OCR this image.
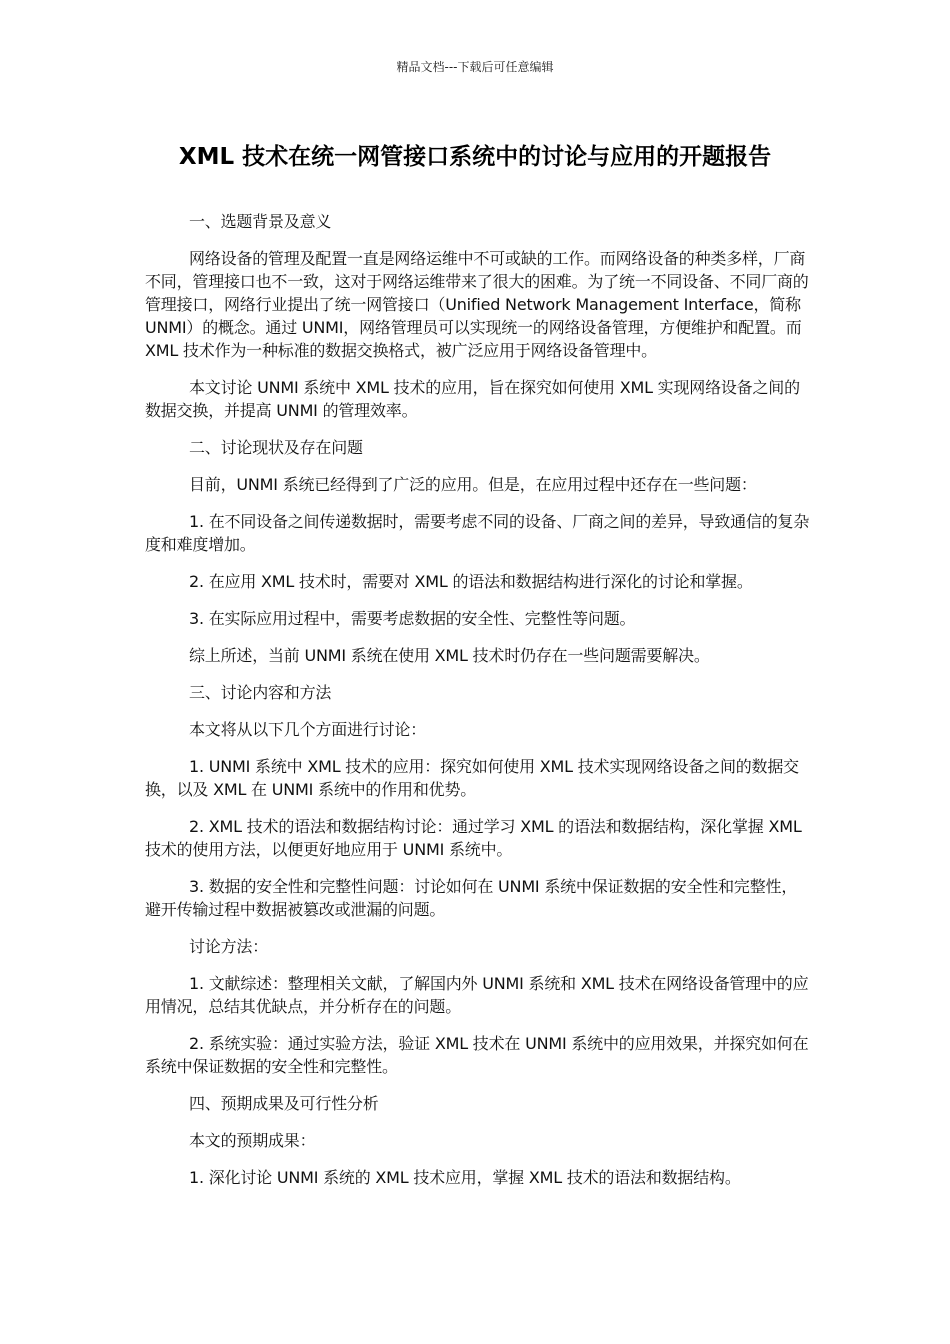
精品文档---下载后可任意编辑
XML 技术在统一网管接口系统中的讨论与应用的开题报告

一、选题背景及意义

网络设备的管理及配置一直是网络运维中不可或缺的工作。而网络设备的种类多样，厂商不同，管理接口也不一致，这对于网络运维带来了很大的困难。为了统一不同设备、不同厂商的管理接口，网络行业提出了统一网管接口（Unified Network Management Interface，简称 UNMI）的概念。通过 UNMI，网络管理员可以实现统一的网络设备管理，方便维护和配置。而 XML 技术作为一种标准的数据交换格式，被广泛应用于网络设备管理中。

本文讨论 UNMI 系统中 XML 技术的应用，旨在探究如何使用 XML 实现网络设备之间的数据交换，并提高 UNMI 的管理效率。

二、讨论现状及存在问题

目前，UNMI 系统已经得到了广泛的应用。但是，在应用过程中还存在一些问题：

1. 在不同设备之间传递数据时，需要考虑不同的设备、厂商之间的差异，导致通信的复杂度和难度增加。

2. 在应用 XML 技术时，需要对 XML 的语法和数据结构进行深化的讨论和掌握。

3. 在实际应用过程中，需要考虑数据的安全性、完整性等问题。

综上所述，当前 UNMI 系统在使用 XML 技术时仍存在一些问题需要解决。

三、讨论内容和方法

本文将从以下几个方面进行讨论：

1. UNMI 系统中 XML 技术的应用：探究如何使用 XML 技术实现网络设备之间的数据交换，以及 XML 在 UNMI 系统中的作用和优势。

2. XML 技术的语法和数据结构讨论：通过学习 XML 的语法和数据结构，深化掌握 XML 技术的使用方法，以便更好地应用于 UNMI 系统中。

3. 数据的安全性和完整性问题：讨论如何在 UNMI 系统中保证数据的安全性和完整性，避开传输过程中数据被篡改或泄漏的问题。

讨论方法：

1. 文献综述：整理相关文献，了解国内外 UNMI 系统和 XML 技术在网络设备管理中的应用情况，总结其优缺点，并分析存在的问题。

2. 系统实验：通过实验方法，验证 XML 技术在 UNMI 系统中的应用效果，并探究如何在系统中保证数据的安全性和完整性。

四、预期成果及可行性分析

本文的预期成果：

1. 深化讨论 UNMI 系统的 XML 技术应用，掌握 XML 技术的语法和数据结构。
